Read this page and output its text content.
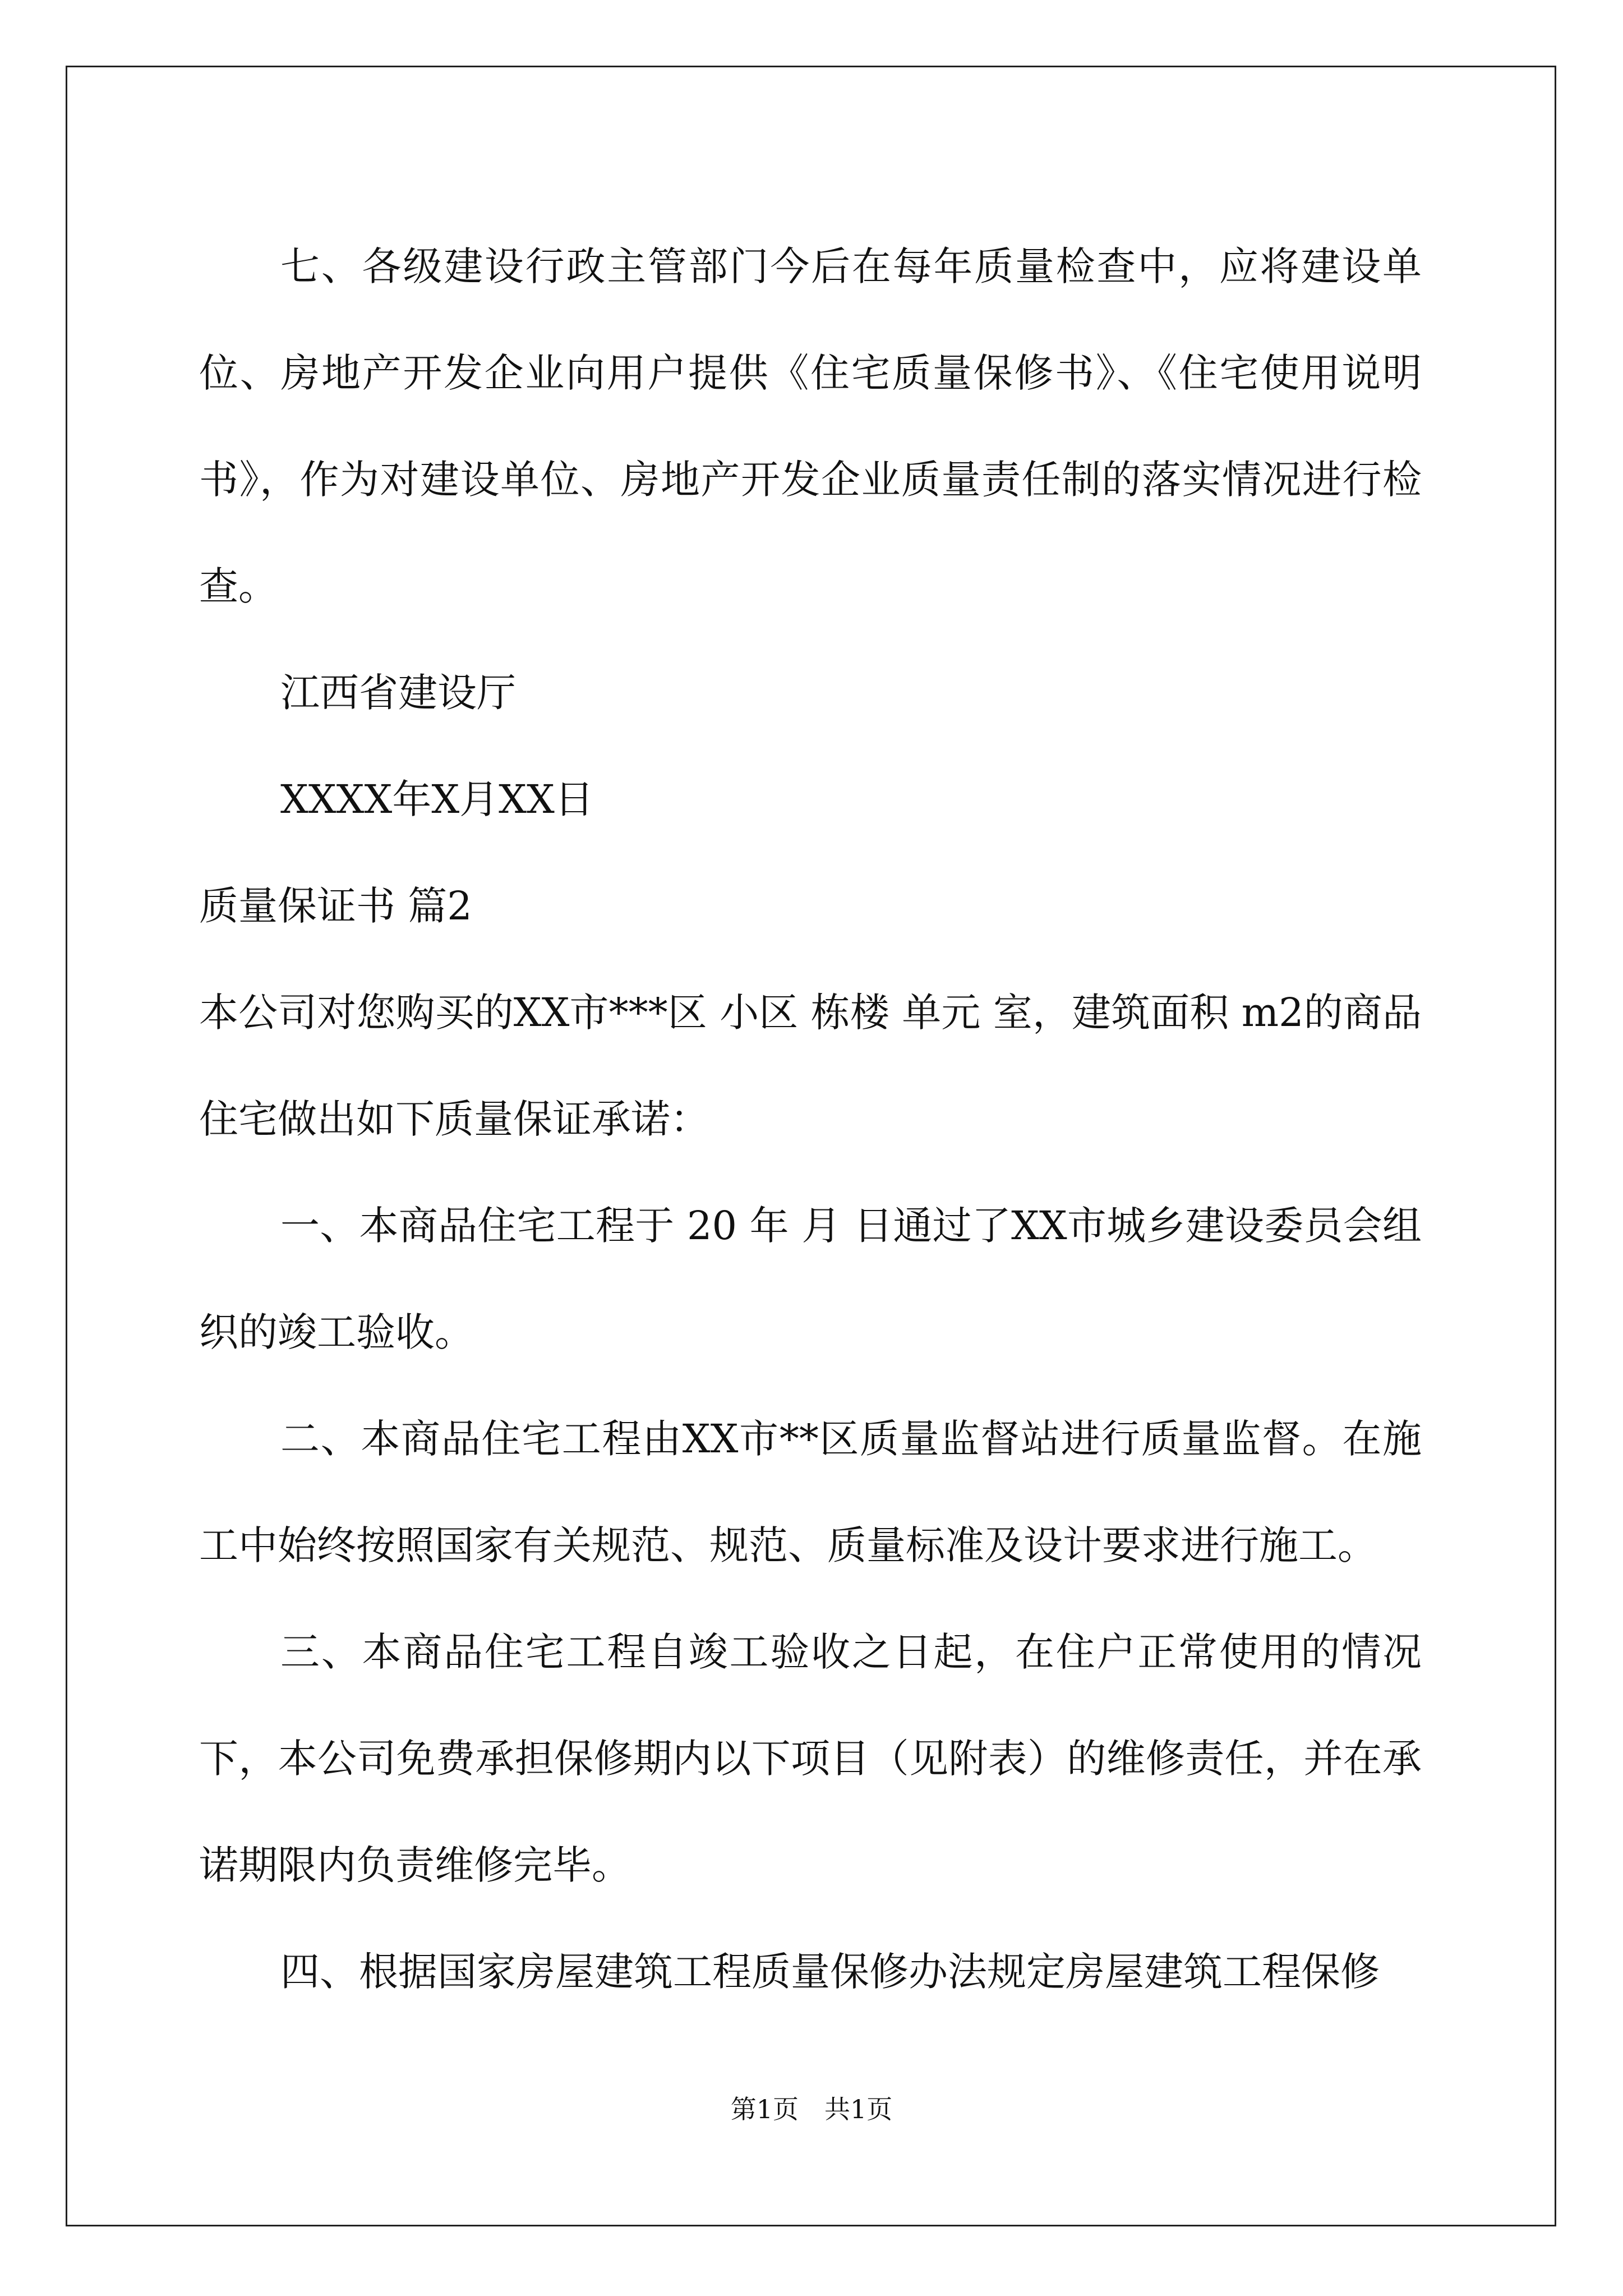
七、各级建设行政主管部门今后在每年质量检查中，应将建设单位、房地产开发企业向用户提供《住宅质量保修书》、《住宅使用说明书》，作为对建设单位、房地产开发企业质量责任制的落实情况进行检查。

江西省建设厅

XXXX年X月XX日

质量保证书 篇2

本公司对您购买的XX市***区 小区 栋楼 单元 室，建筑面积 m2的商品住宅做出如下质量保证承诺：

一、本商品住宅工程于 20 年 月 日通过了XX市城乡建设委员会组织的竣工验收。

二、本商品住宅工程由XX市**区质量监督站进行质量监督。在施工中始终按照国家有关规范、规范、质量标准及设计要求进行施工。

三、本商品住宅工程自竣工验收之日起，在住户正常使用的情况下，本公司免费承担保修期内以下项目（见附表）的维修责任，并在承诺期限内负责维修完毕。

四、根据国家房屋建筑工程质量保修办法规定房屋建筑工程保修

第1页　共1页
